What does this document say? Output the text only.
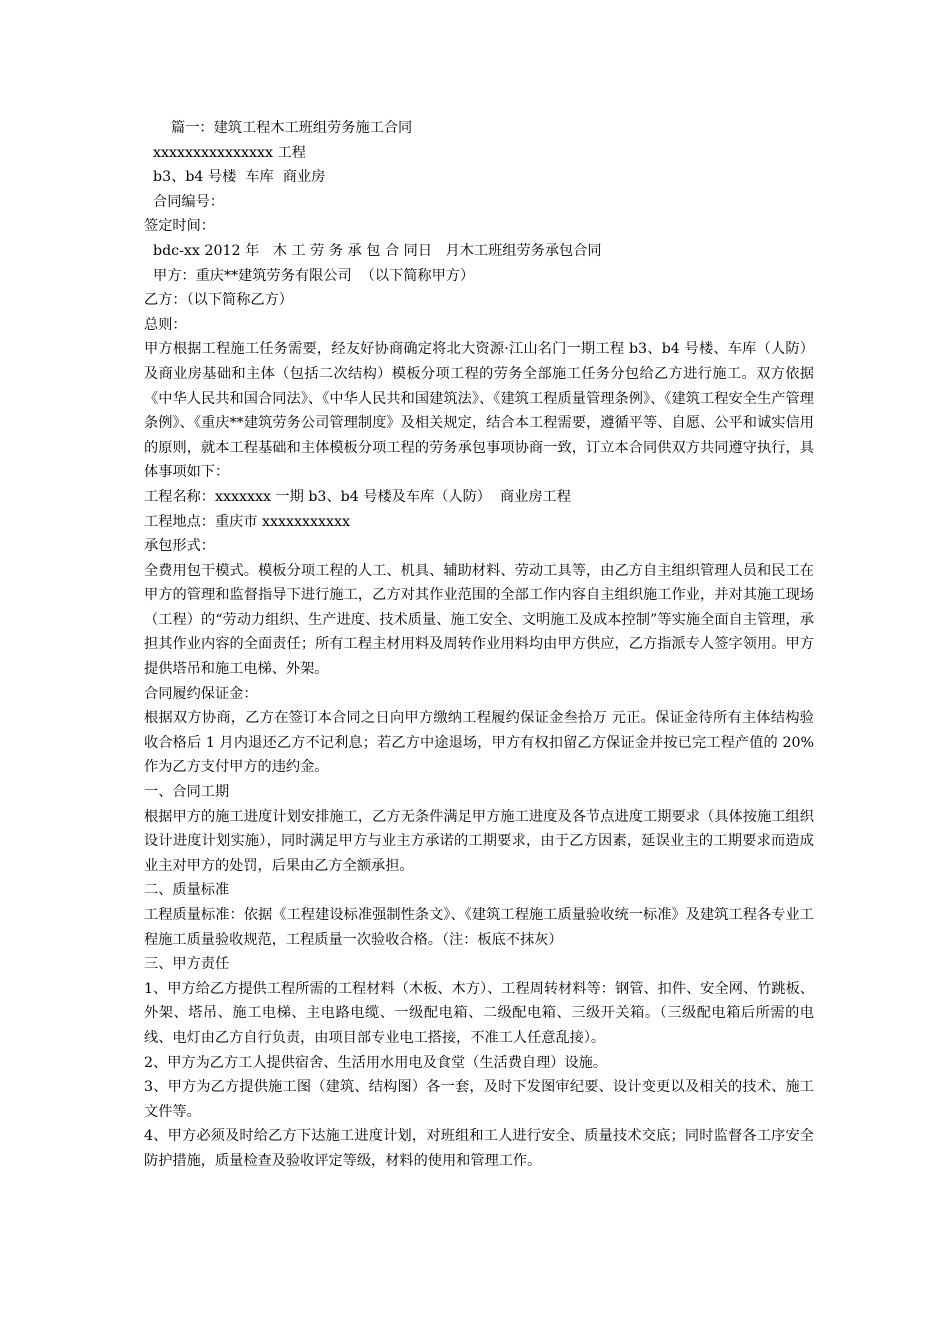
篇一：建筑工程木工班组劳务施工合同
xxxxxxxxxxxxxxx 工程
b3、b4 号楼  车库  商业房
合同编号：
签定时间：
bdc-xx 2012 年   木 工 劳 务 承 包 合 同日   月木工班组劳务承包合同
甲方：重庆**建筑劳务有限公司  （以下简称甲方）
乙方：（以下简称乙方）
总则：
甲方根据工程施工任务需要，经友好协商确定将北大资源·江山名门一期工程 b3、b4 号楼、车库（人防）及商业房基础和主体（包括二次结构）模板分项工程的劳务全部施工任务分包给乙方进行施工。双方依据《中华人民共和国合同法》、《中华人民共和国建筑法》、《建筑工程质量管理条例》、《建筑工程安全生产管理条例》、《重庆**建筑劳务公司管理制度》及相关规定，结合本工程需要，遵循平等、自愿、公平和诚实信用的原则，就本工程基础和主体模板分项工程的劳务承包事项协商一致，订立本合同供双方共同遵守执行，具体事项如下：
工程名称：xxxxxxx 一期 b3、b4 号楼及车库（人防）  商业房工程
工程地点：重庆市 xxxxxxxxxxx
承包形式：
全费用包干模式。模板分项工程的人工、机具、辅助材料、劳动工具等，由乙方自主组织管理人员和民工在甲方的管理和监督指导下进行施工，乙方对其作业范围的全部工作内容自主组织施工作业，并对其施工现场（工程）的“劳动力组织、生产进度、技术质量、施工安全、文明施工及成本控制”等实施全面自主管理，承担其作业内容的全面责任；所有工程主材用料及周转作业用料均由甲方供应，乙方指派专人签字领用。甲方提供塔吊和施工电梯、外架。
合同履约保证金：
根据双方协商，乙方在签订本合同之日向甲方缴纳工程履约保证金叁拾万 元正。保证金待所有主体结构验收合格后 1 月内退还乙方不记利息；若乙方中途退场，甲方有权扣留乙方保证金并按已完工程产值的 20%作为乙方支付甲方的违约金。
一、合同工期
根据甲方的施工进度计划安排施工，乙方无条件满足甲方施工进度及各节点进度工期要求（具体按施工组织设计进度计划实施），同时满足甲方与业主方承诺的工期要求，由于乙方因素，延误业主的工期要求而造成业主对甲方的处罚，后果由乙方全额承担。
二、质量标准
工程质量标准：依据《工程建设标准强制性条文》、《建筑工程施工质量验收统一标准》及建筑工程各专业工程施工质量验收规范，工程质量一次验收合格。（注：板底不抹灰）
三、甲方责任
1、甲方给乙方提供工程所需的工程材料（木板、木方）、工程周转材料等：钢管、扣件、安全网、竹跳板、外架、塔吊、施工电梯、主电路电缆、一级配电箱、二级配电箱、三级开关箱。（三级配电箱后所需的电线、电灯由乙方自行负责，由项目部专业电工搭接，不准工人任意乱接）。
2、甲方为乙方工人提供宿舍、生活用水用电及食堂（生活费自理）设施。
3、甲方为乙方提供施工图（建筑、结构图）各一套，及时下发图审纪要、设计变更以及相关的技术、施工文件等。
4、甲方必须及时给乙方下达施工进度计划，对班组和工人进行安全、质量技术交底；同时监督各工序安全防护措施，质量检查及验收评定等级，材料的使用和管理工作。
